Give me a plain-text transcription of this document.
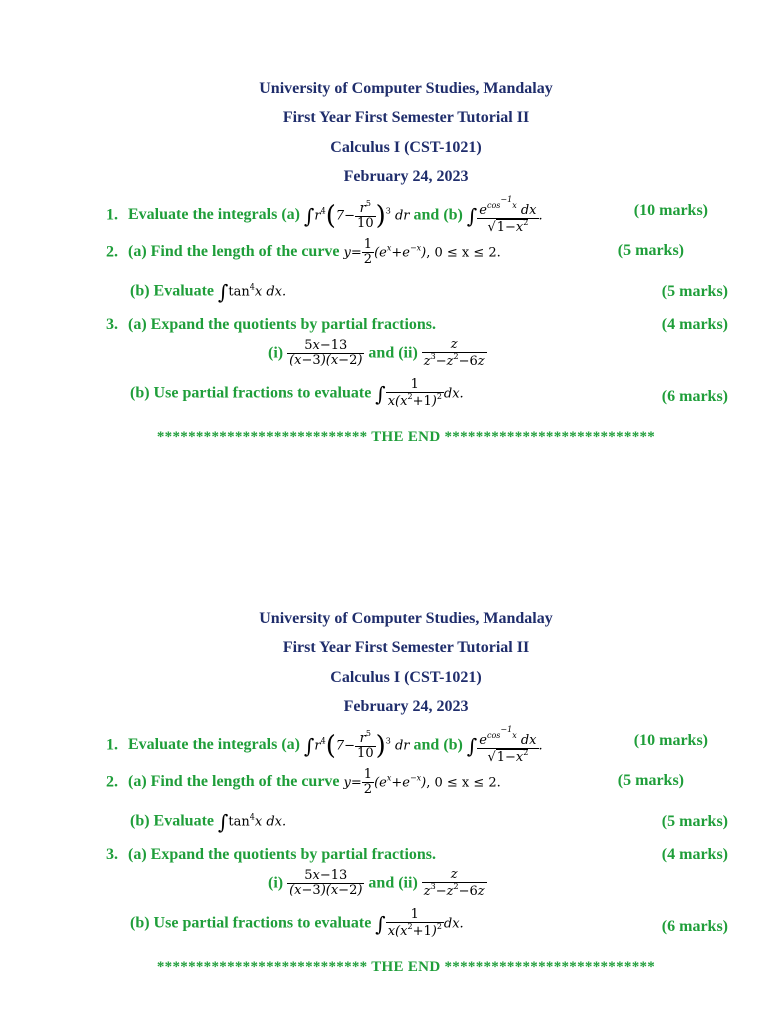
University of Computer Studies, Mandalay
First Year First Semester Tutorial II
Calculus I (CST-1021)
February 24, 2023
1. Evaluate the integrals (a) $\int r^4(7- \frac{r^5}{10} )^3$ dr and (b) ∫ $\frac{e^{cos^{-1}x} dx}{√1-x^2}$ .	(10 marks)
2. (a) Find the length of the curve $y= \frac{1}{2} (e^x+e^{-x})$, 0 ≤ x ≤ 2.	(5 marks)
(b) Evaluate $\int\tan^4x$ dx.	(5 marks)
3. (a) Expand the quotients by partial fractions.	(4 marks)
$(i) \frac{5x-13}{(x-3)(x-2)}$ and $(ii) \frac{z}{z^3-z^2-6z}$
(b) Use partial fractions to evaluate ∫ $\frac{1}{x(x^2+1)^2}$ dx.	(6 marks)
*************************** THE END ***************************
University of Computer Studies, Mandalay
First Year First Semester Tutorial II
Calculus I (CST-1021)
February 24, 2023
1. Evaluate the integrals (a) $\int r^4(7- \frac{r^5}{10} )^3$ dr and (b) ∫ $\frac{e^{cos^{-1}x} dx}{√1-x^2}$ .	(10 marks)
2. (a) Find the length of the curve $y= \frac{1}{2} (e^x+e^{-x})$, 0 ≤ x ≤ 2.	(5 marks)
(b) Evaluate $\int\tan^4x$ dx.	(5 marks)
3. (a) Expand the quotients by partial fractions.	(4 marks)
$(i) \frac{5x-13}{(x-3)(x-2)}$ and $(ii) \frac{z}{z^3-z^2-6z}$
(b) Use partial fractions to evaluate ∫ $\frac{1}{x(x^2+1)^2}$ dx.	(6 marks)
*************************** THE END ***************************
